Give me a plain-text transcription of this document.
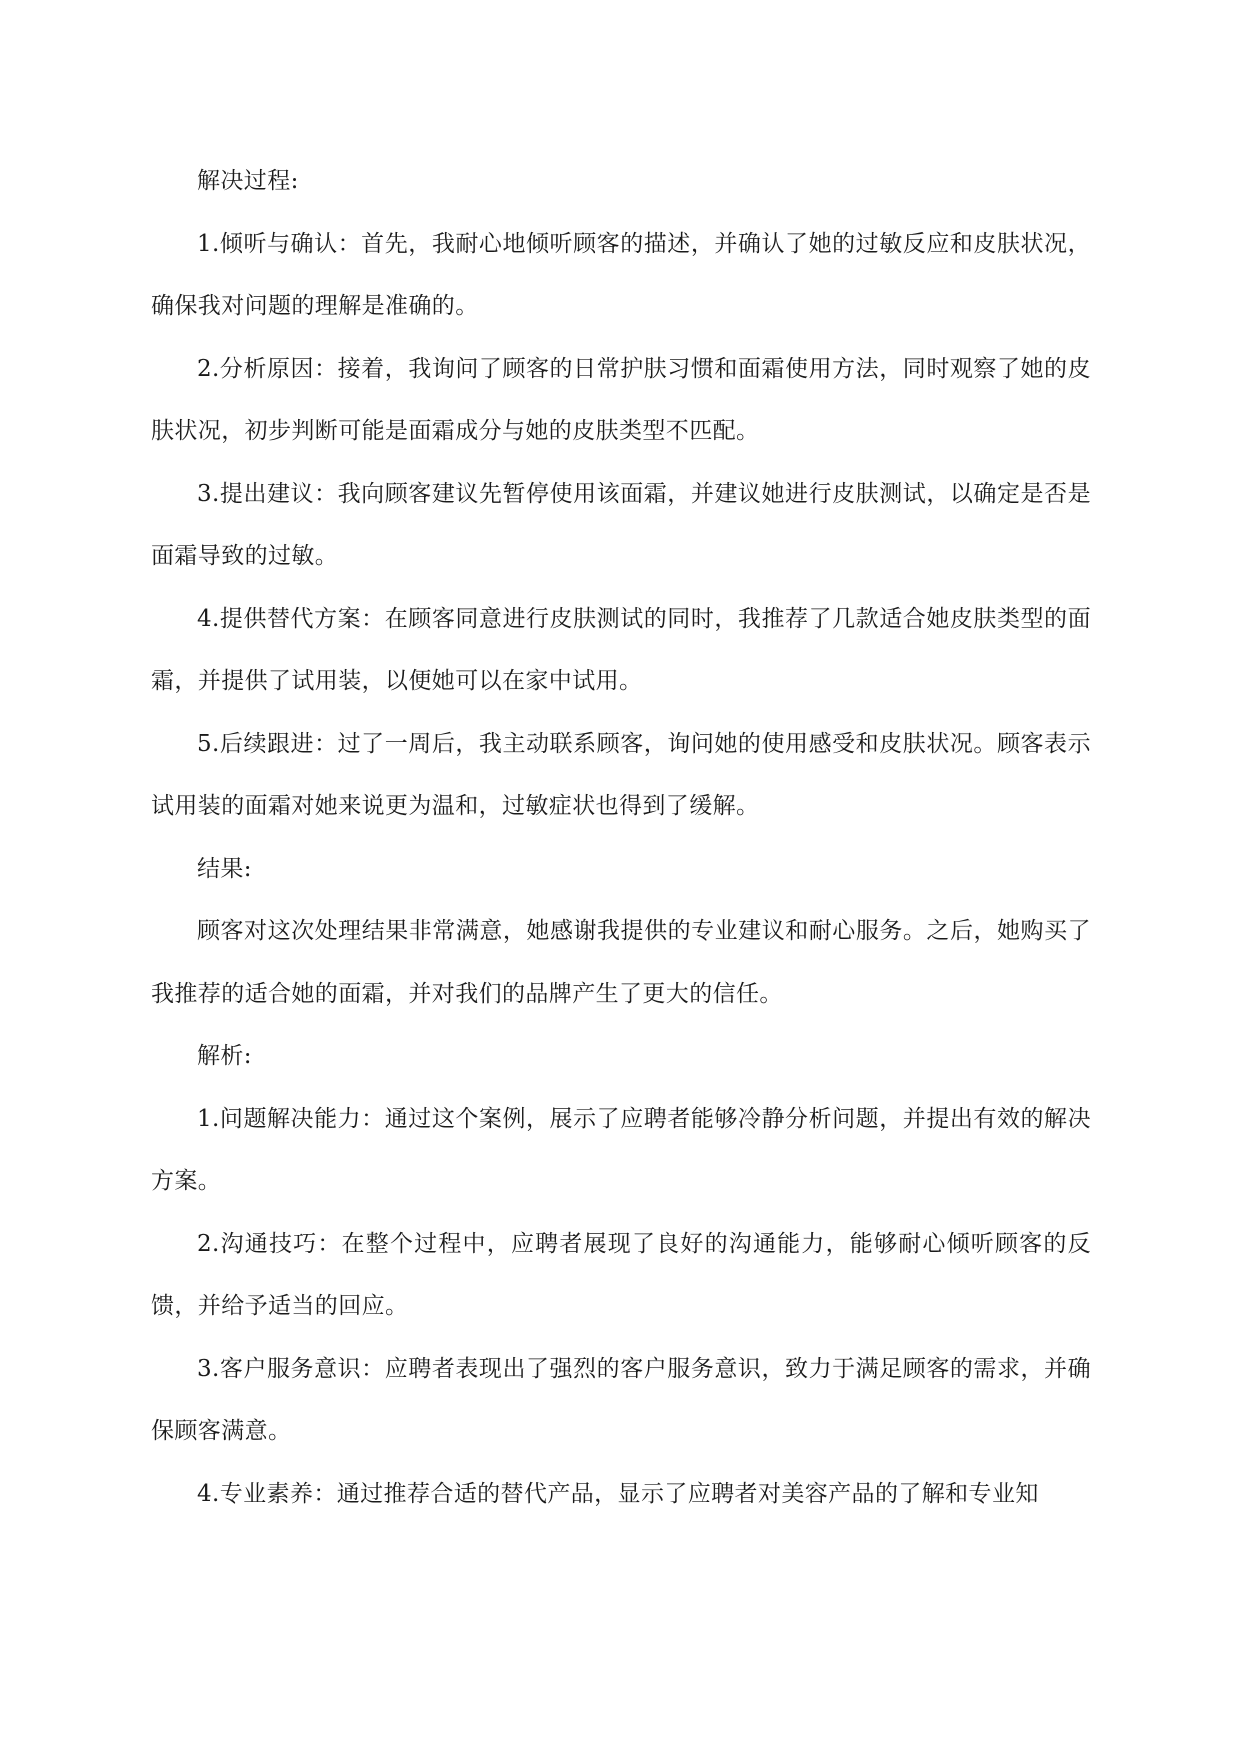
解决过程:

1.倾听与确认：首先，我耐心地倾听顾客的描述，并确认了她的过敏反应和皮肤状况，确保我对问题的理解是准确的。

2.分析原因：接着，我询问了顾客的日常护肤习惯和面霜使用方法，同时观察了她的皮肤状况，初步判断可能是面霜成分与她的皮肤类型不匹配。

3.提出建议：我向顾客建议先暂停使用该面霜，并建议她进行皮肤测试，以确定是否是面霜导致的过敏。

4.提供替代方案：在顾客同意进行皮肤测试的同时，我推荐了几款适合她皮肤类型的面霜，并提供了试用装，以便她可以在家中试用。

5.后续跟进：过了一周后，我主动联系顾客，询问她的使用感受和皮肤状况。顾客表示试用装的面霜对她来说更为温和，过敏症状也得到了缓解。

结果:

顾客对这次处理结果非常满意，她感谢我提供的专业建议和耐心服务。之后，她购买了我推荐的适合她的面霜，并对我们的品牌产生了更大的信任。

解析:

1.问题解决能力：通过这个案例，展示了应聘者能够冷静分析问题，并提出有效的解决方案。

2.沟通技巧：在整个过程中，应聘者展现了良好的沟通能力，能够耐心倾听顾客的反馈，并给予适当的回应。

3.客户服务意识：应聘者表现出了强烈的客户服务意识，致力于满足顾客的需求，并确保顾客满意。

4.专业素养：通过推荐合适的替代产品，显示了应聘者对美容产品的了解和专业知
